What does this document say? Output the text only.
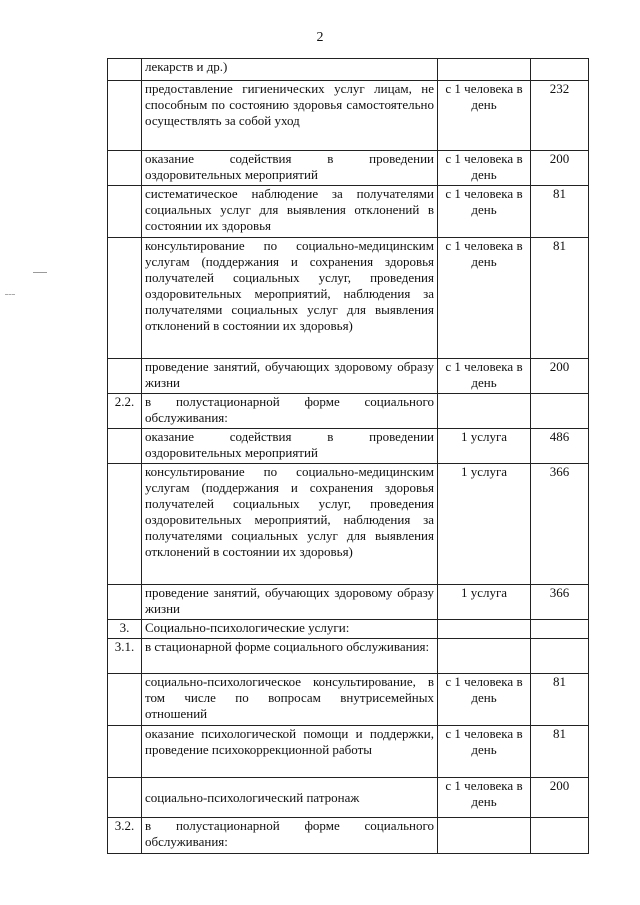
2
	лекарств и др.)		
	предоставление гигиенических услуг лицам, не способным по состоянию здоровья самостоятельно осуществлять за собой уход	с 1 человека в день	232
	оказание содействия в проведении оздоровительных мероприятий	с 1 человека в день	200
	систематическое наблюдение за получателями социальных услуг для выявления отклонений в состоянии их здоровья	с 1 человека в день	81
	консультирование по социально-медицинским услугам (поддержания и сохранения здоровья получателей социальных услуг, проведения оздоровительных мероприятий, наблюдения за получателями социальных услуг для выявления отклонений в состоянии их здоровья)	с 1 человека в день	81
	проведение занятий, обучающих здоровому образу жизни	с 1 человека в день	200
2.2.	в полустационарной форме социального обслуживания:		
	оказание содействия в проведении оздоровительных мероприятий	1 услуга	486
	консультирование по социально-медицинским услугам (поддержания и сохранения здоровья получателей социальных услуг, проведения оздоровительных мероприятий, наблюдения за получателями социальных услуг для выявления отклонений в состоянии их здоровья)	1 услуга	366
	проведение занятий, обучающих здоровому образу жизни	1 услуга	366
3.	Социально-психологические услуги:		
3.1.	в стационарной форме социального обслуживания:		
	социально-психологическое консультирование, в том числе по вопросам внутрисемейных отношений	с 1 человека в день	81
	оказание психологической помощи и поддержки, проведение психокоррекционной работы	с 1 человека в день	81
	социально-психологический патронаж	с 1 человека в день	200
3.2.	в полустационарной форме социального обслуживания:		
